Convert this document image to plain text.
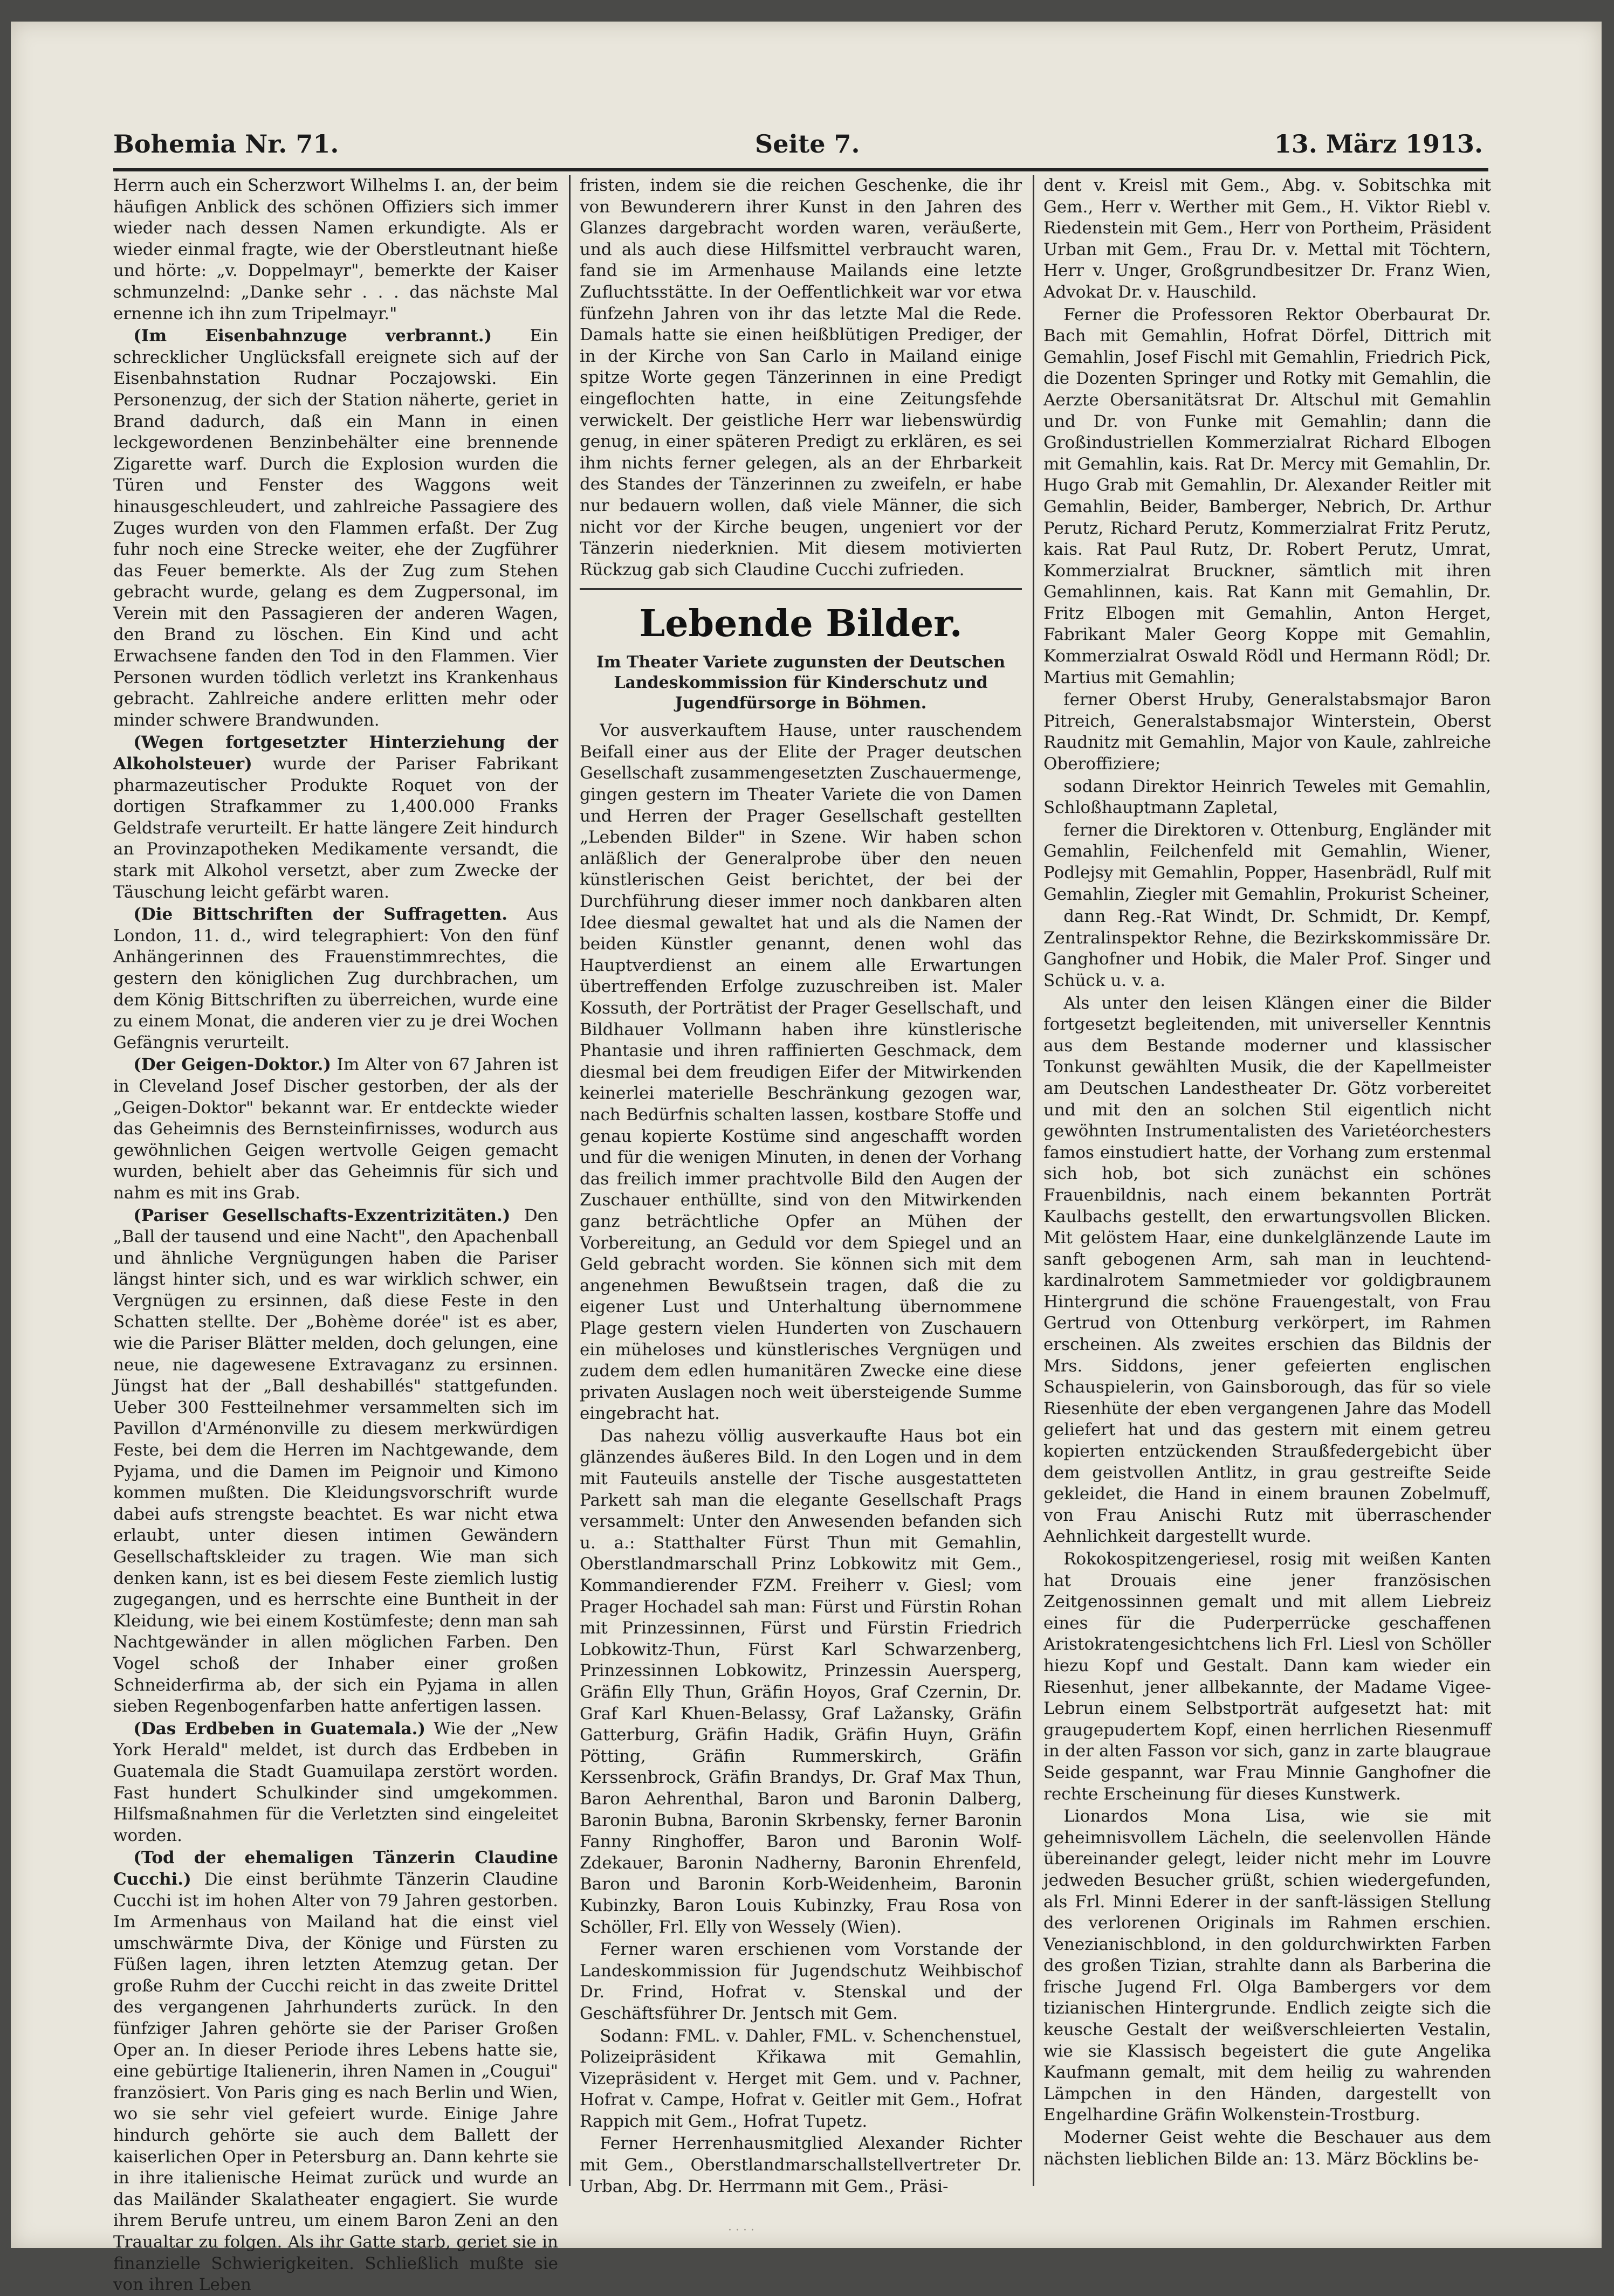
Bohemia Nr. 71.	Seite 7.	13. März 1913.

Herrn auch ein Scherzwort Wilhelms I. an, der beim häufigen Anblick des schönen Offiziers sich immer wieder nach dessen Namen erkundigte. Als er wieder einmal fragte, wie der Oberstleutnant hieße und hörte: „v. Doppelmayr", bemerkte der Kaiser schmunzelnd: „Danke sehr . . . das nächste Mal ernenne ich ihn zum Tripelmayr."

(Im Eisenbahnzuge verbrannt.) Ein schrecklicher Unglücksfall ereignete sich auf der Eisenbahnstation Rudnar Poczajowski. Ein Personenzug, der sich der Station näherte, geriet in Brand dadurch, daß ein Mann in einen leckgewordenen Benzinbehälter eine brennende Zigarette warf. Durch die Explosion wurden die Türen und Fenster des Waggons weit hinausgeschleudert, und zahlreiche Passagiere des Zuges wurden von den Flammen erfaßt. Der Zug fuhr noch eine Strecke weiter, ehe der Zugführer das Feuer bemerkte. Als der Zug zum Stehen gebracht wurde, gelang es dem Zugpersonal, im Verein mit den Passagieren der anderen Wagen, den Brand zu löschen. Ein Kind und acht Erwachsene fanden den Tod in den Flammen. Vier Personen wurden tödlich verletzt ins Krankenhaus gebracht. Zahlreiche andere erlitten mehr oder minder schwere Brandwunden.

(Wegen fortgesetzter Hinterziehung der Alkoholsteuer) wurde der Pariser Fabrikant pharmazeutischer Produkte Roquet von der dortigen Strafkammer zu 1,400.000 Franks Geldstrafe verurteilt. Er hatte längere Zeit hindurch an Provinzapotheken Medikamente versandt, die stark mit Alkohol versetzt, aber zum Zwecke der Täuschung leicht gefärbt waren.

(Die Bittschriften der Suffragetten. Aus London, 11. d., wird telegraphiert: Von den fünf Anhängerinnen des Frauenstimmrechtes, die gestern den königlichen Zug durchbrachen, um dem König Bittschriften zu überreichen, wurde eine zu einem Monat, die anderen vier zu je drei Wochen Gefängnis verurteilt.

(Der Geigen-Doktor.) Im Alter von 67 Jahren ist in Cleveland Josef Discher gestorben, der als der „Geigen-Doktor" bekannt war. Er entdeckte wieder das Geheimnis des Bernsteinfirnisses, wodurch aus gewöhnlichen Geigen wertvolle Geigen gemacht wurden, behielt aber das Geheimnis für sich und nahm es mit ins Grab.

(Pariser Gesellschafts-Exzentrizitäten.) Den „Ball der tausend und eine Nacht", den Apachenball und ähnliche Vergnügungen haben die Pariser längst hinter sich, und es war wirklich schwer, ein Vergnügen zu ersinnen, daß diese Feste in den Schatten stellte. Der „Bohème dorée" ist es aber, wie die Pariser Blätter melden, doch gelungen, eine neue, nie dagewesene Extravaganz zu ersinnen. Jüngst hat der „Ball deshabillés" stattgefunden. Ueber 300 Festteilnehmer versammelten sich im Pavillon d'Arménonville zu diesem merkwürdigen Feste, bei dem die Herren im Nachtgewande, dem Pyjama, und die Damen im Peignoir und Kimono kommen mußten. Die Kleidungsvorschrift wurde dabei aufs strengste beachtet. Es war nicht etwa erlaubt, unter diesen intimen Gewändern Gesellschaftskleider zu tragen. Wie man sich denken kann, ist es bei diesem Feste ziemlich lustig zugegangen, und es herrschte eine Buntheit in der Kleidung, wie bei einem Kostümfeste; denn man sah Nachtgewänder in allen möglichen Farben. Den Vogel schoß der Inhaber einer großen Schneiderfirma ab, der sich ein Pyjama in allen sieben Regenbogenfarben hatte anfertigen lassen.

(Das Erdbeben in Guatemala.) Wie der „New York Herald" meldet, ist durch das Erdbeben in Guatemala die Stadt Guamuilapa zerstört worden. Fast hundert Schulkinder sind umgekommen. Hilfsmaßnahmen für die Verletzten sind eingeleitet worden.

(Tod der ehemaligen Tänzerin Claudine Cucchi.) Die einst berühmte Tänzerin Claudine Cucchi ist im hohen Alter von 79 Jahren gestorben. Im Armenhaus von Mailand hat die einst viel umschwärmte Diva, der Könige und Fürsten zu Füßen lagen, ihren letzten Atemzug getan. Der große Ruhm der Cucchi reicht in das zweite Drittel des vergangenen Jahrhunderts zurück. In den fünfziger Jahren gehörte sie der Pariser Großen Oper an. In dieser Periode ihres Lebens hatte sie, eine gebürtige Italienerin, ihren Namen in „Cougui" französiert. Von Paris ging es nach Berlin und Wien, wo sie sehr viel gefeiert wurde. Einige Jahre hindurch gehörte sie auch dem Ballett der kaiserlichen Oper in Petersburg an. Dann kehrte sie in ihre italienische Heimat zurück und wurde an das Mailänder Skalatheater engagiert. Sie wurde ihrem Berufe untreu, um einem Baron Zeni an den Traualtar zu folgen. Als ihr Gatte starb, geriet sie in finanzielle Schwierigkeiten. Schließlich mußte sie von ihren Leben

fristen, indem sie die reichen Geschenke, die ihr von Bewunderern ihrer Kunst in den Jahren des Glanzes dargebracht worden waren, veräußerte, und als auch diese Hilfsmittel verbraucht waren, fand sie im Armenhause Mailands eine letzte Zufluchtsstätte. In der Oeffentlichkeit war vor etwa fünfzehn Jahren von ihr das letzte Mal die Rede. Damals hatte sie einen heißblütigen Prediger, der in der Kirche von San Carlo in Mailand einige spitze Worte gegen Tänzerinnen in eine Predigt eingeflochten hatte, in eine Zeitungsfehde verwickelt. Der geistliche Herr war liebenswürdig genug, in einer späteren Predigt zu erklären, es sei ihm nichts ferner gelegen, als an der Ehrbarkeit des Standes der Tänzerinnen zu zweifeln, er habe nur bedauern wollen, daß viele Männer, die sich nicht vor der Kirche beugen, ungeniert vor der Tänzerin niederknien. Mit diesem motivierten Rückzug gab sich Claudine Cucchi zufrieden.

Lebende Bilder.
Im Theater Variete zugunsten der Deutschen Landeskommission für Kinderschutz und Jugendfürsorge in Böhmen.

Vor ausverkauftem Hause, unter rauschendem Beifall einer aus der Elite der Prager deutschen Gesellschaft zusammengesetzten Zuschauermenge, gingen gestern im Theater Variete die von Damen und Herren der Prager Gesellschaft gestellten „Lebenden Bilder" in Szene. Wir haben schon anläßlich der Generalprobe über den neuen künstlerischen Geist berichtet, der bei der Durchführung dieser immer noch dankbaren alten Idee diesmal gewaltet hat und als die Namen der beiden Künstler genannt, denen wohl das Hauptverdienst an einem alle Erwartungen übertreffenden Erfolge zuzuschreiben ist. Maler Kossuth, der Porträtist der Prager Gesellschaft, und Bildhauer Vollmann haben ihre künstlerische Phantasie und ihren raffinierten Geschmack, dem diesmal bei dem freudigen Eifer der Mitwirkenden keinerlei materielle Beschränkung gezogen war, nach Bedürfnis schalten lassen, kostbare Stoffe und genau kopierte Kostüme sind angeschafft worden und für die wenigen Minuten, in denen der Vorhang das freilich immer prachtvolle Bild den Augen der Zuschauer enthüllte, sind von den Mitwirkenden ganz beträchtliche Opfer an Mühen der Vorbereitung, an Geduld vor dem Spiegel und an Geld gebracht worden. Sie können sich mit dem angenehmen Bewußtsein tragen, daß die zu eigener Lust und Unterhaltung übernommene Plage gestern vielen Hunderten von Zuschauern ein müheloses und künstlerisches Vergnügen und zudem dem edlen humanitären Zwecke eine diese privaten Auslagen noch weit übersteigende Summe eingebracht hat.

Das nahezu völlig ausverkaufte Haus bot ein glänzendes äußeres Bild. In den Logen und in dem mit Fauteuils anstelle der Tische ausgestatteten Parkett sah man die elegante Gesellschaft Prags versammelt: Unter den Anwesenden befanden sich u. a.: Statthalter Fürst Thun mit Gemahlin, Oberstlandmarschall Prinz Lobkowitz mit Gem., Kommandierender FZM. Freiherr v. Giesl; vom Prager Hochadel sah man: Fürst und Fürstin Rohan mit Prinzessinnen, Fürst und Fürstin Friedrich Lobkowitz-Thun, Fürst Karl Schwarzenberg, Prinzessinnen Lobkowitz, Prinzessin Auersperg, Gräfin Elly Thun, Gräfin Hoyos, Graf Czernin, Dr. Graf Karl Khuen-Belassy, Graf Lažansky, Gräfin Gatterburg, Gräfin Hadik, Gräfin Huyn, Gräfin Pötting, Gräfin Rummerskirch, Gräfin Kerssenbrock, Gräfin Brandys, Dr. Graf Max Thun, Baron Aehrenthal, Baron und Baronin Dalberg, Baronin Bubna, Baronin Skrbensky, ferner Baronin Fanny Ringhoffer, Baron und Baronin Wolf-Zdekauer, Baronin Nadherny, Baronin Ehrenfeld, Baron und Baronin Korb-Weidenheim, Baronin Kubinzky, Baron Louis Kubinzky, Frau Rosa von Schöller, Frl. Elly von Wessely (Wien).

Ferner waren erschienen vom Vorstande der Landeskommission für Jugendschutz Weihbischof Dr. Frind, Hofrat v. Stenskal und der Geschäftsführer Dr. Jentsch mit Gem.

Sodann: FML. v. Dahler, FML. v. Schenchenstuel, Polizeipräsident Křikawa mit Gemahlin, Vizepräsident v. Herget mit Gem. und v. Pachner, Hofrat v. Campe, Hofrat v. Geitler mit Gem., Hofrat Rappich mit Gem., Hofrat Tupetz.

Ferner Herrenhausmitglied Alexander Richter mit Gem., Oberstlandmarschallstellvertreter Dr. Urban, Abg. Dr. Herrmann mit Gem., Präsi-

dent v. Kreisl mit Gem., Abg. v. Sobitschka mit Gem., Herr v. Werther mit Gem., H. Viktor Riebl v. Riedenstein mit Gem., Herr von Portheim, Präsident Urban mit Gem., Frau Dr. v. Mettal mit Töchtern, Herr v. Unger, Großgrundbesitzer Dr. Franz Wien, Advokat Dr. v. Hauschild.

Ferner die Professoren Rektor Oberbaurat Dr. Bach mit Gemahlin, Hofrat Dörfel, Dittrich mit Gemahlin, Josef Fischl mit Gemahlin, Friedrich Pick, die Dozenten Springer und Rotky mit Gemahlin, die Aerzte Obersanitätsrat Dr. Altschul mit Gemahlin und Dr. von Funke mit Gemahlin; dann die Großindustriellen Kommerzialrat Richard Elbogen mit Gemahlin, kais. Rat Dr. Mercy mit Gemahlin, Dr. Hugo Grab mit Gemahlin, Dr. Alexander Reitler mit Gemahlin, Beider, Bamberger, Nebrich, Dr. Arthur Perutz, Richard Perutz, Kommerzialrat Fritz Perutz, kais. Rat Paul Rutz, Dr. Robert Perutz, Umrat, Kommerzialrat Bruckner, sämtlich mit ihren Gemahlinnen, kais. Rat Kann mit Gemahlin, Dr. Fritz Elbogen mit Gemahlin, Anton Herget, Fabrikant Maler Georg Koppe mit Gemahlin, Kommerzialrat Oswald Rödl und Hermann Rödl; Dr. Martius mit Gemahlin;

ferner Oberst Hruby, Generalstabsmajor Baron Pitreich, Generalstabsmajor Winterstein, Oberst Raudnitz mit Gemahlin, Major von Kaule, zahlreiche Oberoffiziere;

sodann Direktor Heinrich Teweles mit Gemahlin, Schloßhauptmann Zapletal,

ferner die Direktoren v. Ottenburg, Engländer mit Gemahlin, Feilchenfeld mit Gemahlin, Wiener, Podlejsy mit Gemahlin, Popper, Hasenbrädl, Rulf mit Gemahlin, Ziegler mit Gemahlin, Prokurist Scheiner,

dann Reg.-Rat Windt, Dr. Schmidt, Dr. Kempf, Zentralinspektor Rehne, die Bezirkskommissäre Dr. Ganghofner und Hobik, die Maler Prof. Singer und Schück u. v. a.

Als unter den leisen Klängen einer die Bilder fortgesetzt begleitenden, mit universeller Kenntnis aus dem Bestande moderner und klassischer Tonkunst gewählten Musik, die der Kapellmeister am Deutschen Landestheater Dr. Götz vorbereitet und mit den an solchen Stil eigentlich nicht gewöhnten Instrumentalisten des Varietéorchesters famos einstudiert hatte, der Vorhang zum erstenmal sich hob, bot sich zunächst ein schönes Frauenbildnis, nach einem bekannten Porträt Kaulbachs gestellt, den erwartungsvollen Blicken. Mit gelöstem Haar, eine dunkelglänzende Laute im sanft gebogenen Arm, sah man in leuchtend-kardinalrotem Sammetmieder vor goldigbraunem Hintergrund die schöne Frauengestalt, von Frau Gertrud von Ottenburg verkörpert, im Rahmen erscheinen. Als zweites erschien das Bildnis der Mrs. Siddons, jener gefeierten englischen Schauspielerin, von Gainsborough, das für so viele Riesenhüte der eben vergangenen Jahre das Modell geliefert hat und das gestern mit einem getreu kopierten entzückenden Straußfedergebicht über dem geistvollen Antlitz, in grau gestreifte Seide gekleidet, die Hand in einem braunen Zobelmuff, von Frau Anischi Rutz mit überraschender Aehnlichkeit dargestellt wurde.

Rokokospitzengeriesel, rosig mit weißen Kanten hat Drouais eine jener französischen Zeitgenossinnen gemalt und mit allem Liebreiz eines für die Puderperrücke geschaffenen Aristokratengesichtchens lich Frl. Liesl von Schöller hiezu Kopf und Gestalt. Dann kam wieder ein Riesenhut, jener allbekannte, der Madame Vigee-Lebrun einem Selbstporträt aufgesetzt hat: mit graugepudertem Kopf, einen herrlichen Riesenmuff in der alten Fasson vor sich, ganz in zarte blaugraue Seide gespannt, war Frau Minnie Ganghofner die rechte Erscheinung für dieses Kunstwerk.

Lionardos Mona Lisa, wie sie mit geheimnisvollem Lächeln, die seelenvollen Hände übereinander gelegt, leider nicht mehr im Louvre jedweden Besucher grüßt, schien wiedergefunden, als Frl. Minni Ederer in der sanft-lässigen Stellung des verlorenen Originals im Rahmen erschien. Venezianischblond, in den goldurchwirkten Farben des großen Tizian, strahlte dann als Barberina die frische Jugend Frl. Olga Bambergers vor dem tizianischen Hintergrunde. Endlich zeigte sich die keusche Gestalt der weißverschleierten Vestalin, wie sie Klassisch begeistert die gute Angelika Kaufmann gemalt, mit dem heilig zu wahrenden Lämpchen in den Händen, dargestellt von Engelhardine Gräfin Wolkenstein-Trostburg.

Moderner Geist wehte die Beschauer aus dem nächsten lieblichen Bilde an: 13. März Böcklins be-

· · · ·
